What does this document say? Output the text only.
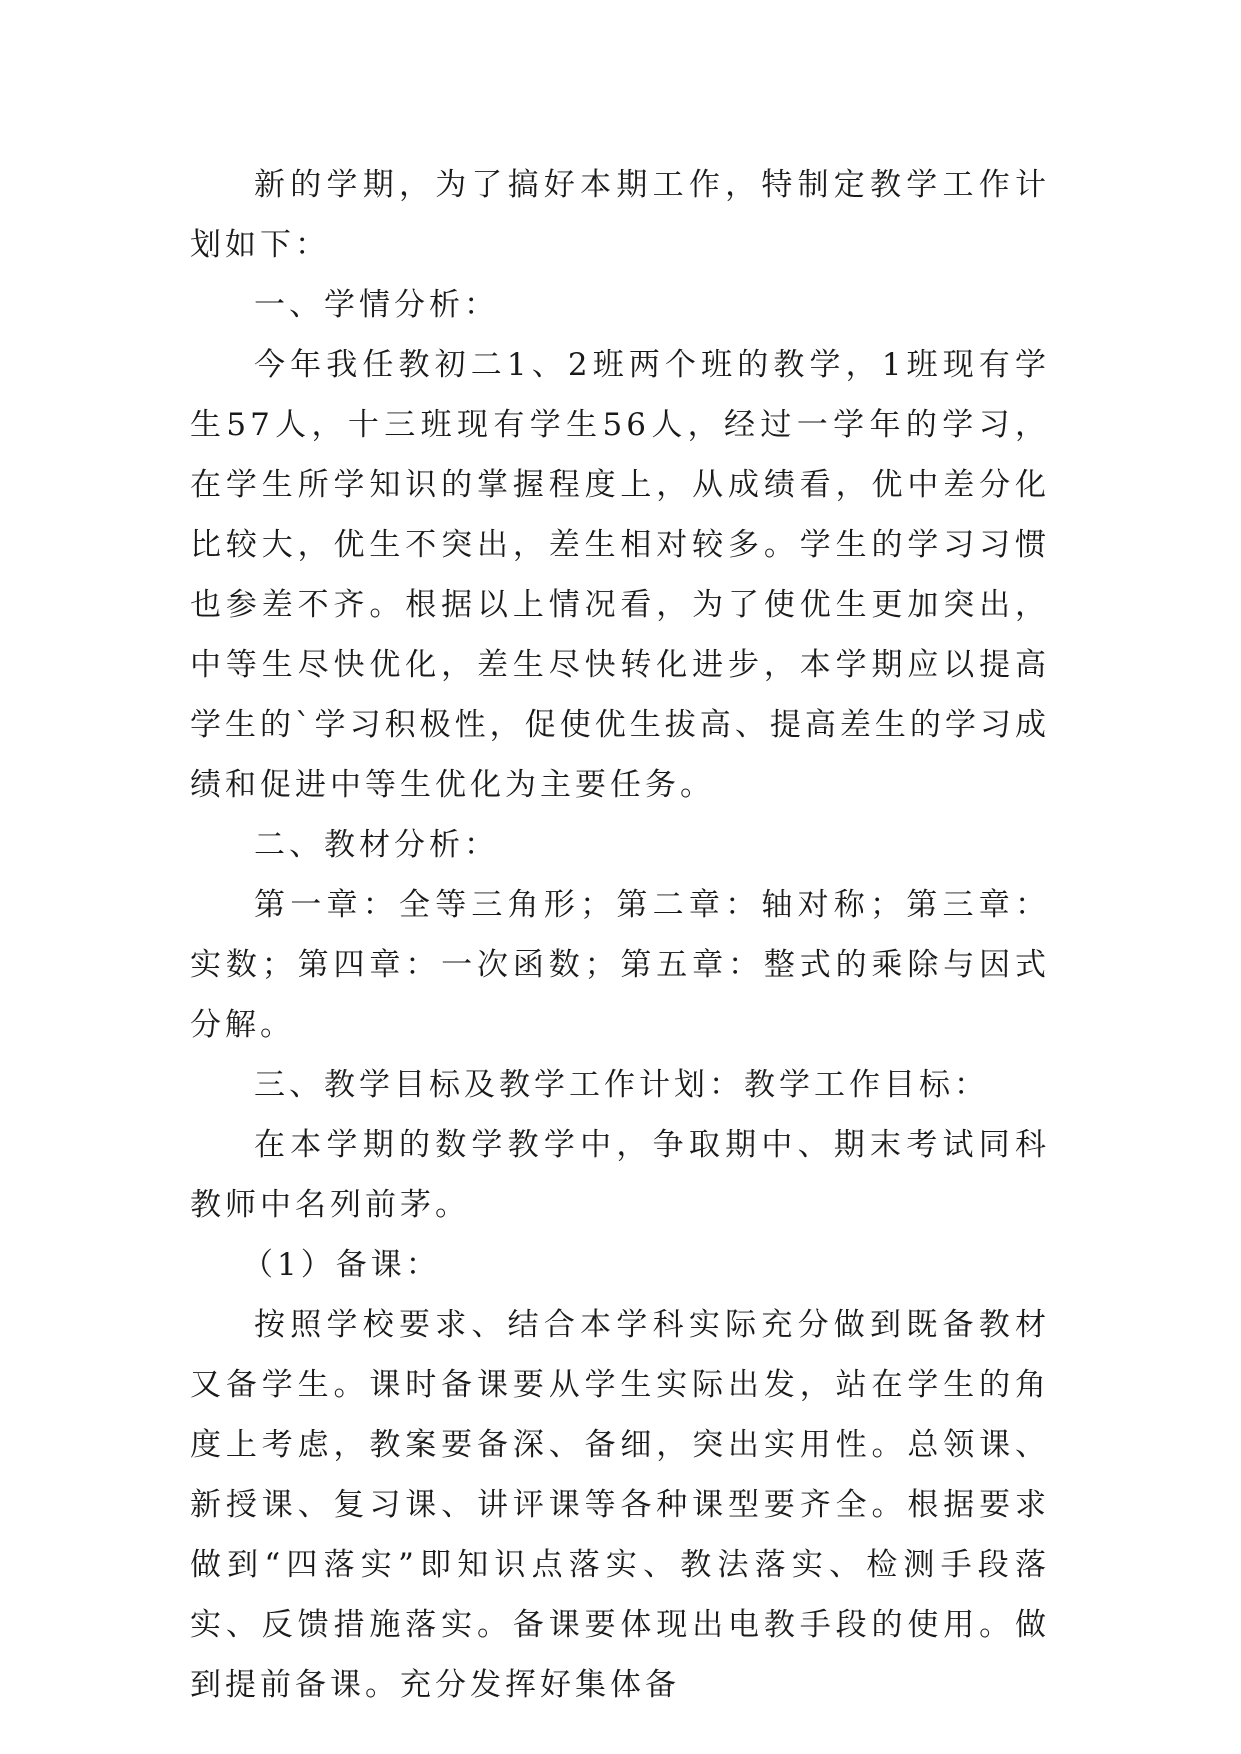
新的学期，为了搞好本期工作，特制定教学工作计划如下：

一、学情分析：

今年我任教初二1、2班两个班的教学，1班现有学生57人，十三班现有学生56人，经过一学年的学习，在学生所学知识的掌握程度上，从成绩看，优中差分化比较大，优生不突出，差生相对较多。学生的学习习惯也参差不齐。根据以上情况看，为了使优生更加突出，中等生尽快优化，差生尽快转化进步，本学期应以提高学生的`学习积极性，促使优生拔高、提高差生的学习成绩和促进中等生优化为主要任务。

二、教材分析：

第一章：全等三角形；第二章：轴对称；第三章：实数；第四章：一次函数；第五章：整式的乘除与因式分解。

三、教学目标及教学工作计划：教学工作目标：

在本学期的数学教学中，争取期中、期末考试同科教师中名列前茅。

（1）备课：

按照学校要求、结合本学科实际充分做到既备教材又备学生。课时备课要从学生实际出发，站在学生的角度上考虑，教案要备深、备细，突出实用性。总领课、新授课、复习课、讲评课等各种课型要齐全。根据要求做到“四落实”即知识点落实、教法落实、检测手段落实、反馈措施落实。备课要体现出电教手段的使用。做到提前备课。充分发挥好集体备
